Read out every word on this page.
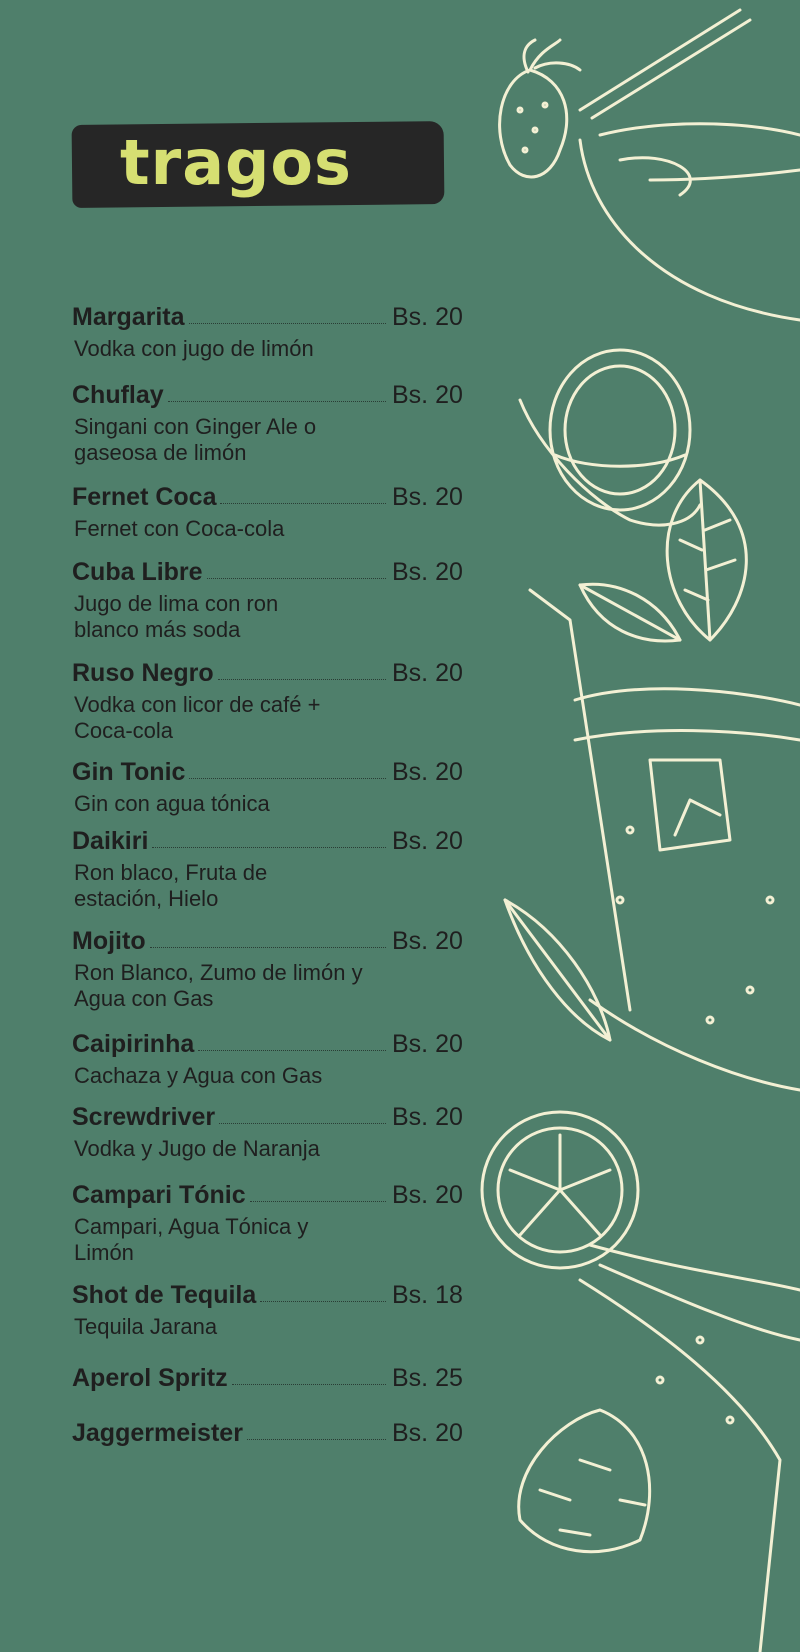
tragos
Margarita	Bs. 20
Vodka con jugo de limón
Chuflay	Bs. 20
Singani con Ginger Ale o gaseosa de limón
Fernet Coca	Bs. 20
Fernet con Coca-cola
Cuba Libre	Bs. 20
Jugo de lima con ron blanco más soda
Ruso Negro	Bs. 20
Vodka con licor de café + Coca-cola
Gin Tonic	Bs. 20
Gin con agua tónica
Daikiri	Bs. 20
Ron blaco, Fruta de estación, Hielo
Mojito	Bs. 20
Ron Blanco, Zumo de limón y Agua con Gas
Caipirinha	Bs. 20
Cachaza y Agua con Gas
Screwdriver	Bs. 20
Vodka y Jugo de Naranja
Campari Tónic	Bs. 20
Campari, Agua Tónica y Limón
Shot de Tequila	Bs. 18
Tequila Jarana
Aperol Spritz	Bs. 25
Jaggermeister	Bs. 20
